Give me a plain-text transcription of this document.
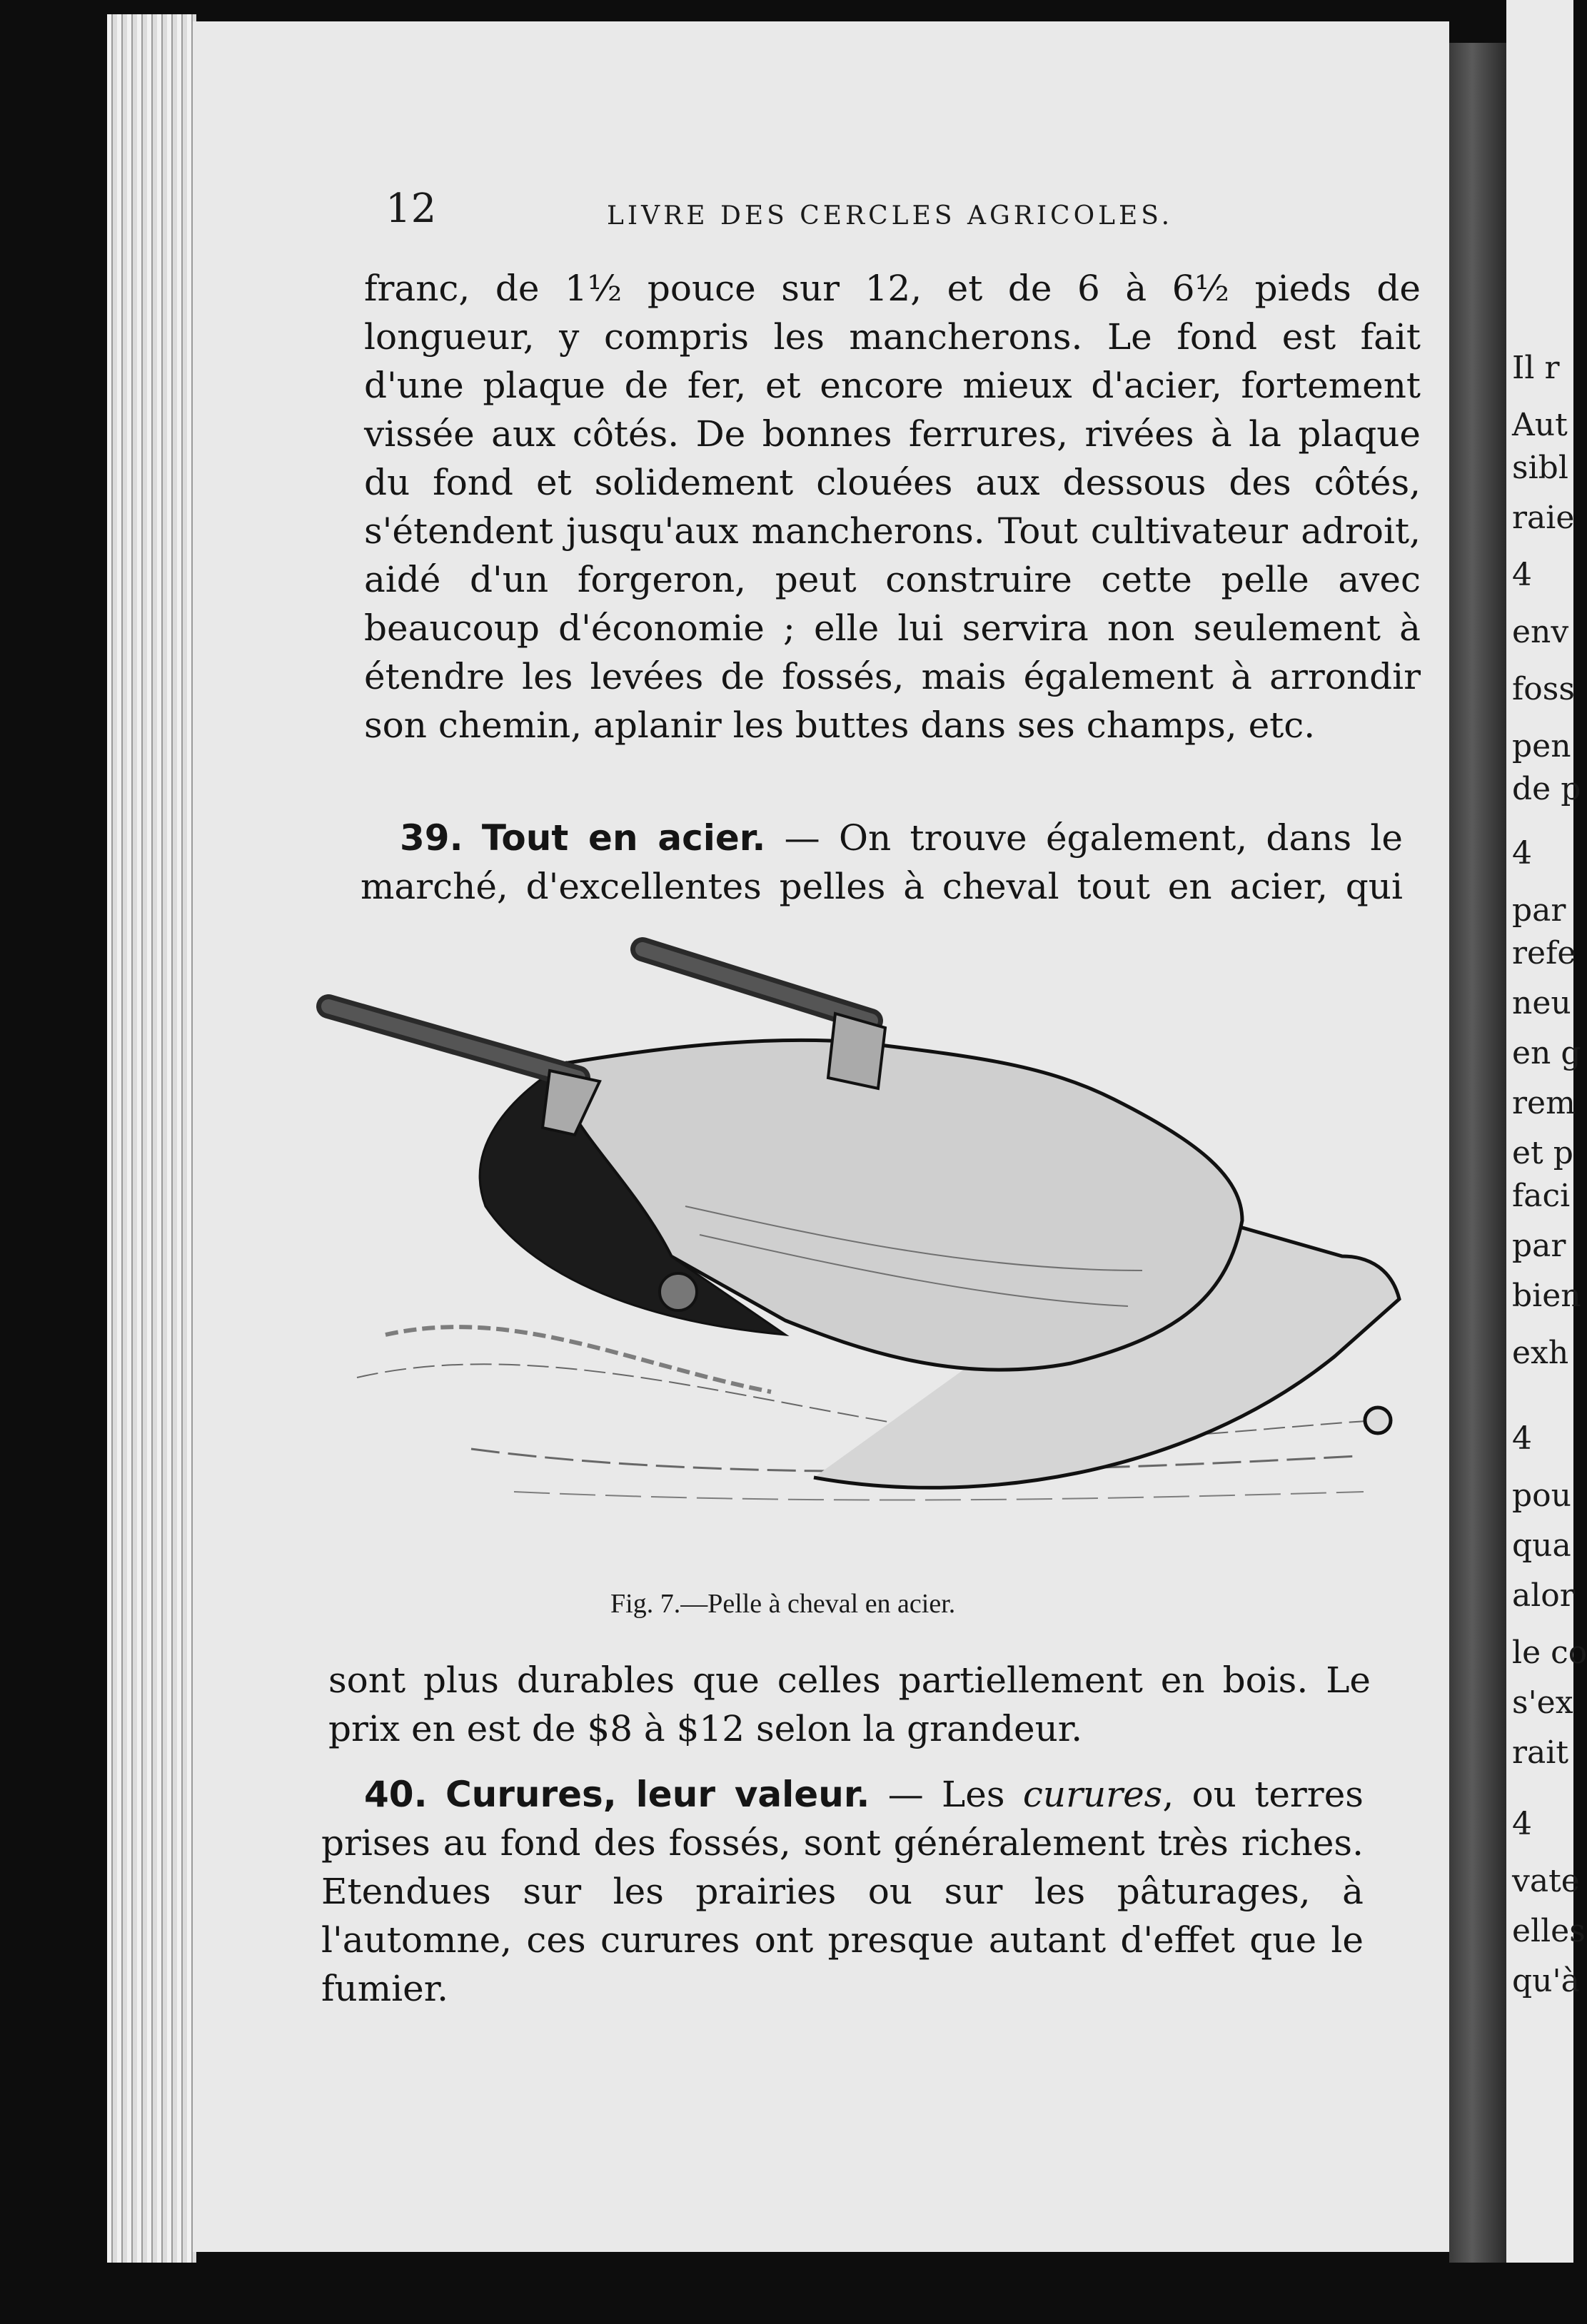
Il r
Aut
sibl
raie
4
env
foss
pen
de p
4
par
refe
neu
en g
rem
et p
faci
par
bien
exh
4
pou
qua
alor
le co
s'ex
rait
4
vate
elles
qu'à
12	LIVRE DES CERCLES AGRICOLES.
franc, de 1½ pouce sur 12, et de 6 à 6½ pieds de longueur, y compris les mancherons. Le fond est fait d'une plaque de fer, et encore mieux d'acier, fortement vissée aux côtés. De bonnes ferrures, rivées à la plaque du fond et solidement clouées aux dessous des côtés, s'étendent jusqu'aux mancherons. Tout cultivateur adroit, aidé d'un forgeron, peut construire cette pelle avec beaucoup d'économie ; elle lui servira non seulement à étendre les levées de fossés, mais également à arrondir son chemin, aplanir les buttes dans ses champs, etc.
39. Tout en acier. — On trouve également, dans le marché, d'excellentes pelles à cheval tout en acier, qui
Fig. 7.—Pelle à cheval en acier.
sont plus durables que celles partiellement en bois. Le prix en est de $8 à $12 selon la grandeur.
40. Curures, leur valeur. — Les curures, ou terres prises au fond des fossés, sont généralement très riches. Etendues sur les prairies ou sur les pâturages, à l'automne, ces curures ont presque autant d'effet que le fumier.
